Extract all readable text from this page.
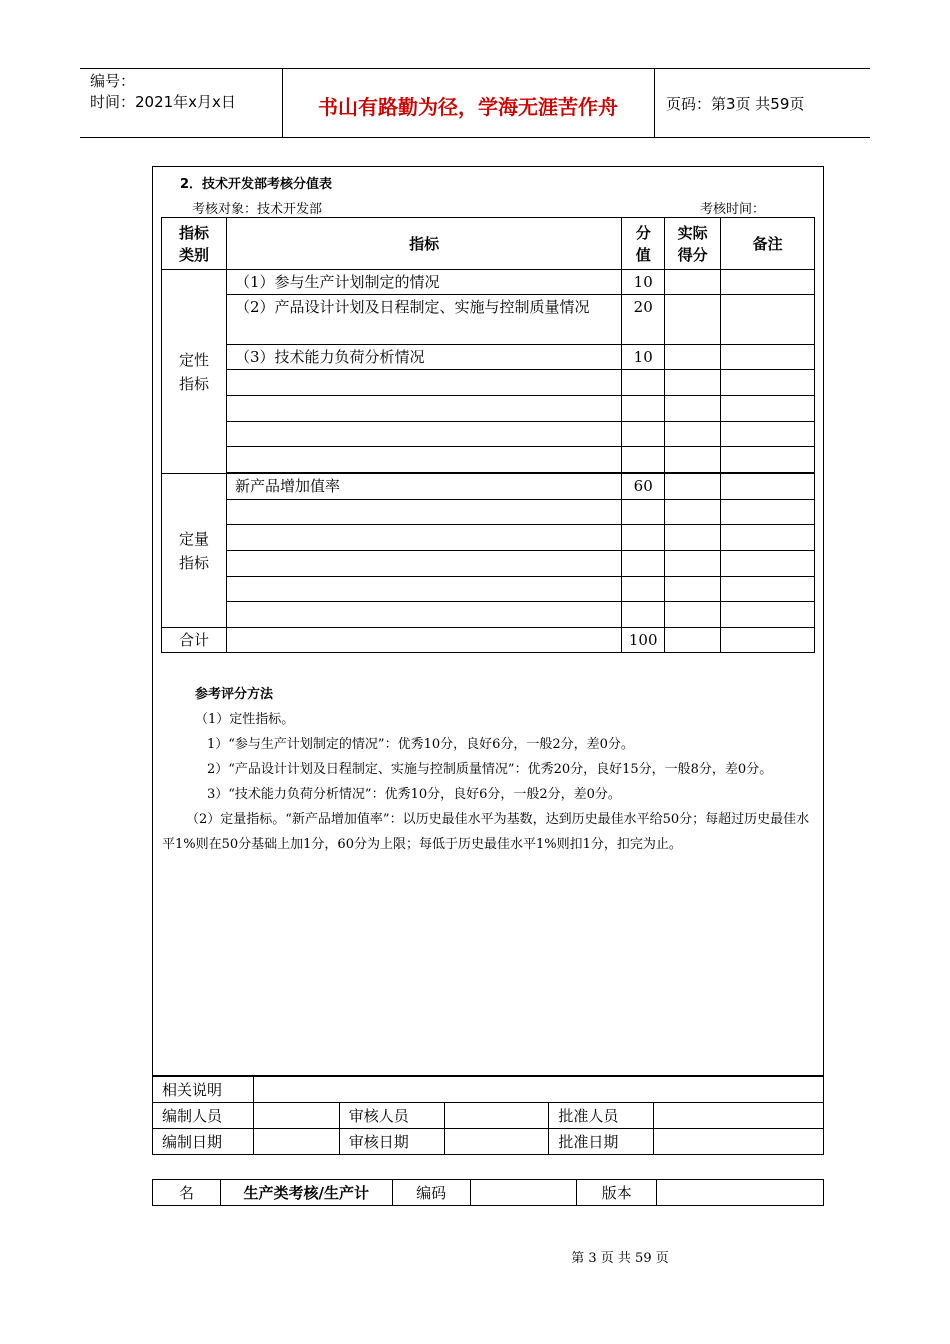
编号：
时间：2021年x月x日	书山有路勤为径，学海无涯苦作舟	页码：第3页 共59页
2．技术开发部考核分值表
考核对象：技术开发部	考核时间：
指标类别	指标	分值	实际得分	备注

定性指标	（1）参与生产计划制定的情况	10		
	（2）产品设计计划及日程制定、实施与控制质量情况	20		
	（3）技术能力负荷分析情况	10		

定量指标	新产品增加值率	60		

合计		100		
参考评分方法
（1）定性指标。
1）“参与生产计划制定的情况”：优秀10分，良好6分，一般2分，差0分。
2）“产品设计计划及日程制定、实施与控制质量情况”：优秀20分，良好15分，一般8分，差0分。
3）“技术能力负荷分析情况”：优秀10分，良好6分，一般2分，差0分。
（2）定量指标。“新产品增加值率”：以历史最佳水平为基数，达到历史最佳水平给50分；每超过历史最佳水平1%则在50分基础上加1分，60分为上限；每低于历史最佳水平1%则扣1分，扣完为止。
相关说明					
编制人员		审核人员		批准人员	
编制日期		审核日期		批准日期	
名	生产类考核/生产计	编码		版本	
第 3 页 共 59 页
